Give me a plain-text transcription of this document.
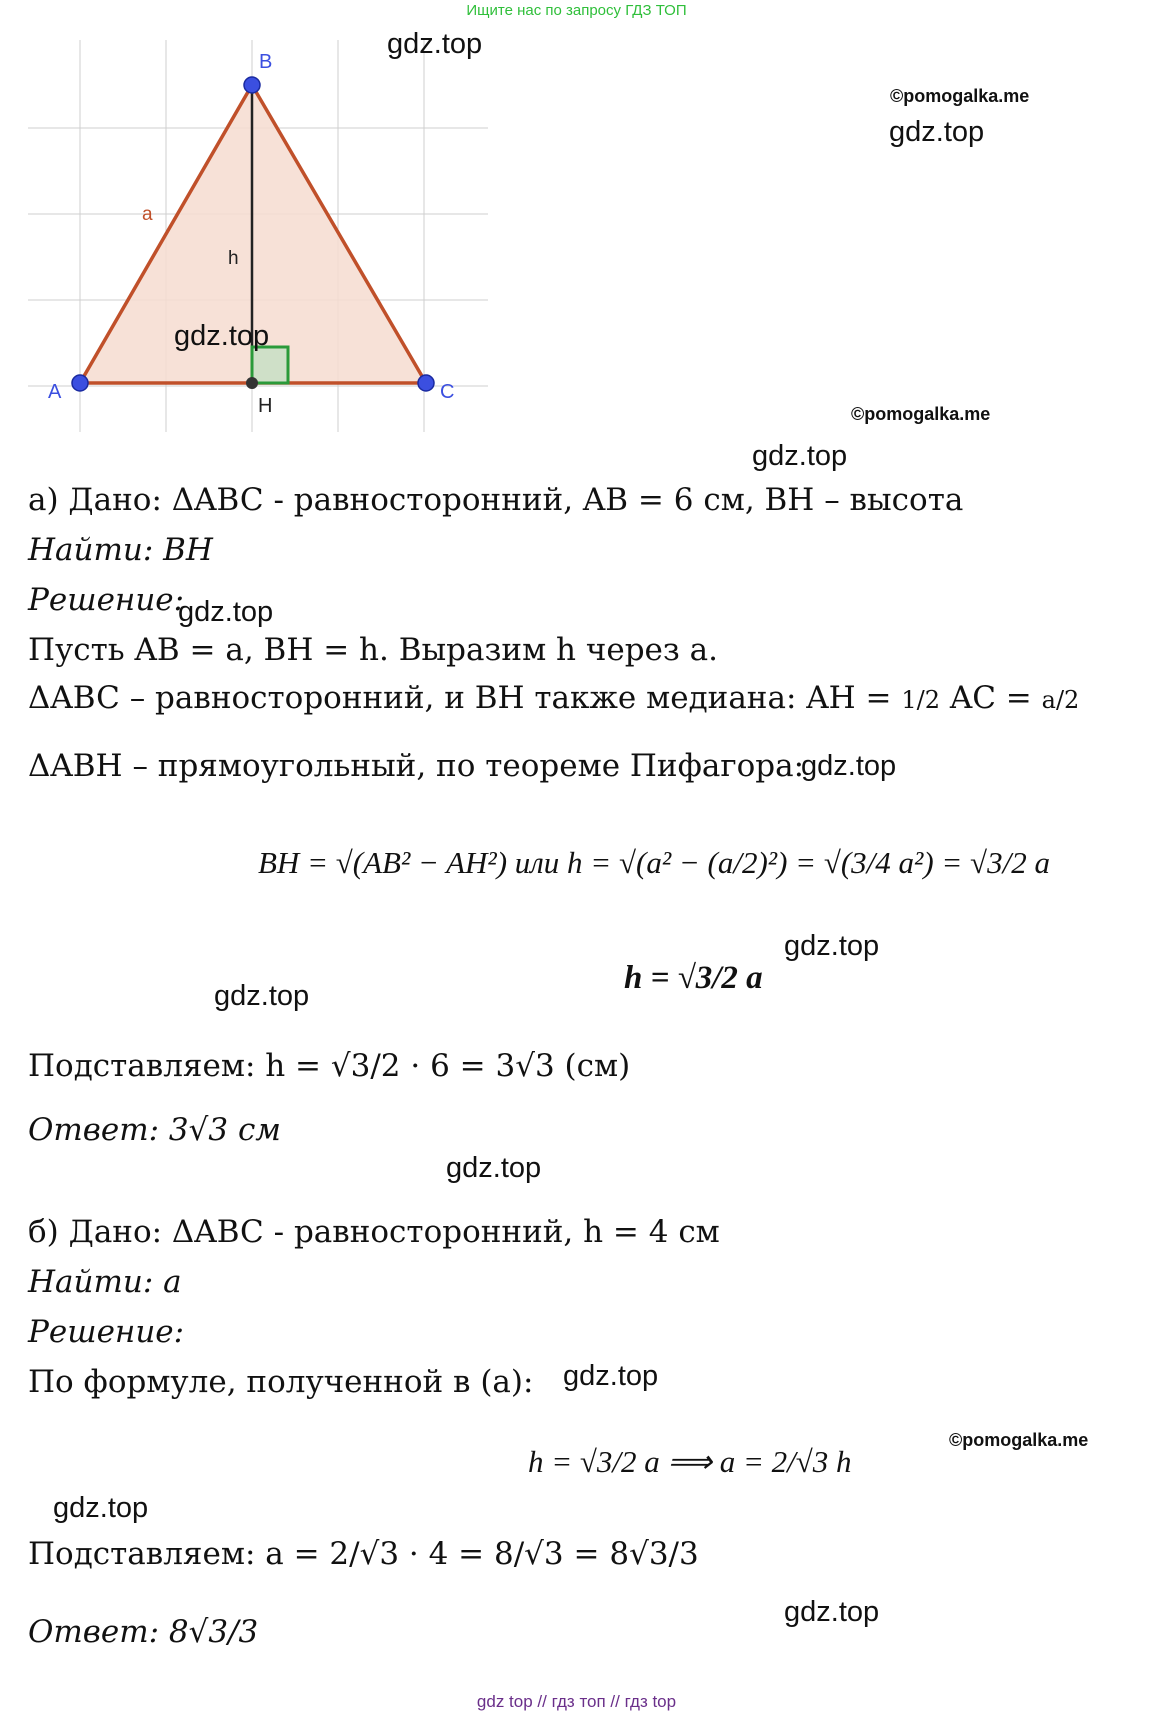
Ищите нас по запросу ГДЗ ТОП
A
B
C
H
a
h
gdz.top
gdz.top
gdz.top
gdz.top
gdz.top
gdz.top
gdz.top
gdz.top
gdz.top
gdz.top
gdz.top
gdz.top
©pomogalka.me
©pomogalka.me
©pomogalka.me
а) Дано: ΔABC - равносторонний, AB = 6 см, BH – высота
Найти: BH
Решение:
Пусть AB = a, BH = h. Выразим h через a.
ΔABC – равносторонний, и BH также медиана: AH = 1/2 AC = a/2
ΔABH – прямоугольный, по теореме Пифагора:
BH = √(AB² − AH²) или h = √(a² − (a/2)²) = √(3/4 a²) = √3/2 a
h = √3/2 a
Подставляем: h = √3/2 · 6 = 3√3 (см)
Ответ: 3√3 см
б) Дано: ΔABC - равносторонний, h = 4 см
Найти: a
Решение:
По формуле, полученной в (а):
h = √3/2 a ⟹ a = 2/√3 h
Подставляем: a = 2/√3 · 4 = 8/√3 = 8√3/3
Ответ: 8√3/3
gdz top // гдз топ // гдз top
